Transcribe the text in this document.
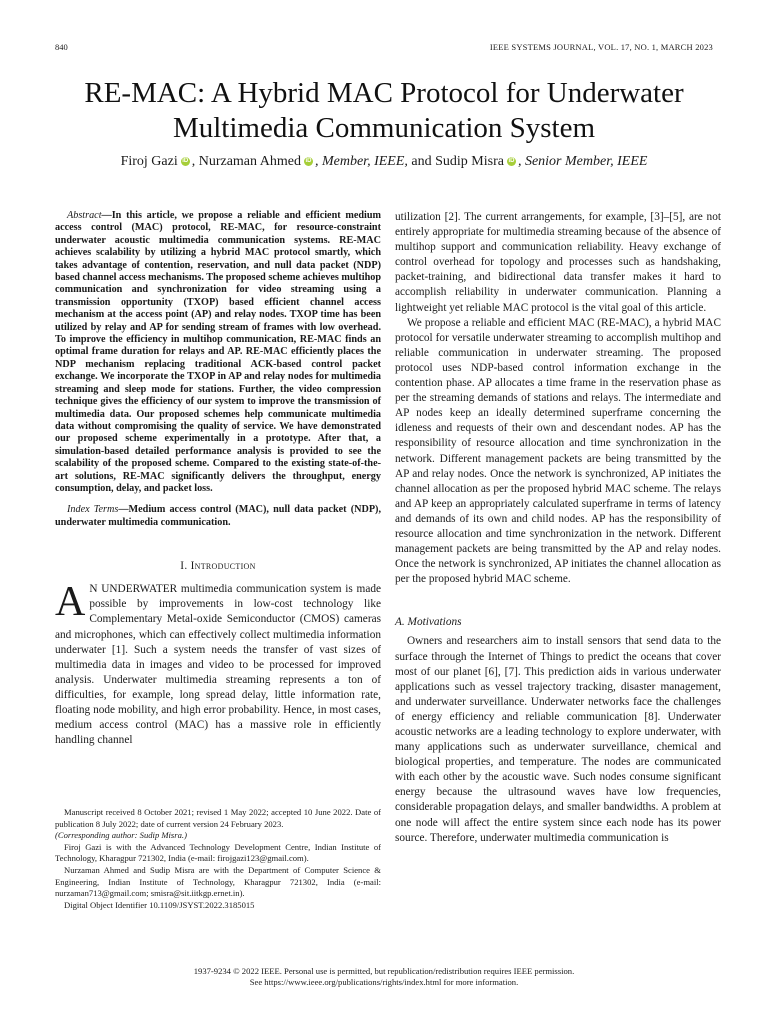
840	IEEE SYSTEMS JOURNAL, VOL. 17, NO. 1, MARCH 2023
RE-MAC: A Hybrid MAC Protocol for Underwater
Multimedia Communication System
Firoj Gazi iD , Nurzaman Ahmed iD , Member, IEEE, and Sudip Misra iD , Senior Member, IEEE

Abstract—In this article, we propose a reliable and efficient medium access control (MAC) protocol, RE-MAC, for resource-constraint underwater acoustic multimedia communication systems. RE-MAC achieves scalability by utilizing a hybrid MAC protocol smartly, which takes advantage of contention, reservation, and null data packet (NDP) based channel access mechanisms. The proposed scheme achieves multihop communication and synchronization for video streaming using a transmission opportunity (TXOP) based efficient channel access mechanism at the access point (AP) and relay nodes. TXOP time has been utilized by relay and AP for sending stream of frames with low overhead. To improve the efficiency in multihop communication, RE-MAC finds an optimal frame duration for relays and AP. RE-MAC efficiently places the NDP mechanism replacing traditional ACK-based control packet exchange. We incorporate the TXOP in AP and relay nodes for multimedia streaming and sleep mode for stations. Further, the video compression technique gives the efficiency of our system to improve the transmission of multimedia data. Our proposed schemes help communicate multimedia data without compromising the quality of service. We have demonstrated our proposed scheme experimentally in a prototype. After that, a simulation-based detailed performance analysis is provided to see the scalability of the proposed scheme. Compared to the existing state-of-the-art solutions, RE-MAC significantly delivers the throughput, energy consumption, delay, and packet loss.

Index Terms—Medium access control (MAC), null data packet (NDP), underwater multimedia communication.

I. Introduction

A N UNDERWATER multimedia communication system is made possible by improvements in low-cost technology like Complementary Metal-oxide Semiconductor (CMOS) cameras and microphones, which can effectively collect multimedia information underwater [1]. Such a system needs the transfer of vast sizes of multimedia data in images and video to be processed for improved analysis. Underwater multimedia streaming represents a ton of difficulties, for example, long spread delay, little information rate, floating node mobility, and high error probability. Hence, in most cases, medium access control (MAC) has a massive role in efficiently handling channel

utilization [2]. The current arrangements, for example, [3]–[5], are not entirely appropriate for multimedia streaming because of the absence of multihop support and communication reliability. Heavy exchange of control overhead for topology and processes such as handshaking, packet-training, and bidirectional data transfer makes it hard to accomplish reliability in underwater communication. Planning a lightweight yet reliable MAC protocol is the vital goal of this article.

We propose a reliable and efficient MAC (RE-MAC), a hybrid MAC protocol for versatile underwater streaming to accomplish multihop and reliable communication in underwater streaming. The proposed protocol uses NDP-based control information exchange in the contention phase. AP allocates a time frame in the reservation phase as per the streaming demands of stations and relays. The intermediate and AP nodes keep an ideally determined superframe concerning the idleness and requests of their own and descendant nodes. AP has the responsibility of resource allocation and time synchronization in the network. Different management packets are being transmitted by the AP and relay nodes. Once the network is synchronized, AP initiates the channel allocation as per the proposed hybrid MAC scheme. The relays and AP keep an appropriately calculated superframe in terms of latency and demands of its own and child nodes. AP has the responsibility of resource allocation and time synchronization in the network. Different management packets are being transmitted by the AP and relay nodes. Once the network is synchronized, AP initiates the channel allocation as per the proposed hybrid MAC scheme.

A. Motivations

Owners and researchers aim to install sensors that send data to the surface through the Internet of Things to predict the oceans that cover most of our planet [6], [7]. This prediction aids in various underwater applications such as vessel trajectory tracking, disaster management, and underwater surveillance. Underwater networks face the challenges of energy efficiency and reliable communication [8]. Underwater acoustic networks are a leading technology to explore underwater, with many applications such as underwater surveillance, chemical and biological properties, and temperature. The nodes are communicated with each other by the acoustic wave. Such nodes consume significant energy because the ultrasound waves have low frequencies, considerable propagation delays, and smaller bandwidths. A problem at one node will affect the entire system since each node has its power source. Therefore, underwater multimedia communication is

Manuscript received 8 October 2021; revised 1 May 2022; accepted 10 June 2022. Date of publication 8 July 2022; date of current version 24 February 2023.
(Corresponding author: Sudip Misra.)

Firoj Gazi is with the Advanced Technology Development Centre, Indian Institute of Technology, Kharagpur 721302, India (e-mail: firojgazi123@gmail.com).

Nurzaman Ahmed and Sudip Misra are with the Department of Computer Science & Engineering, Indian Institute of Technology, Kharagpur 721302, India (e-mail: nurzaman713@gmail.com; smisra@sit.iitkgp.ernet.in).

Digital Object Identifier 10.1109/JSYST.2022.3185015

1937-9234 © 2022 IEEE. Personal use is permitted, but republication/redistribution requires IEEE permission.
See https://www.ieee.org/publications/rights/index.html for more information.
